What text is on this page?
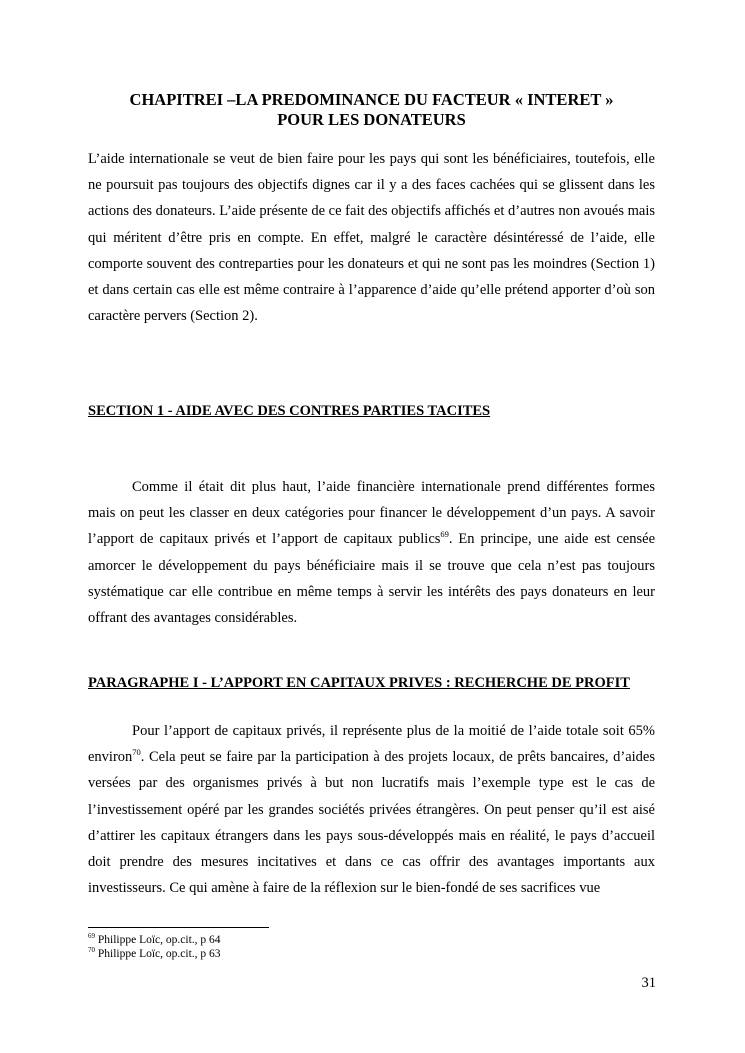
CHAPITREI –LA PREDOMINANCE DU FACTEUR « INTERET »
POUR LES DONATEURS

L’aide internationale se veut de bien faire pour les pays qui sont les bénéficiaires, toutefois, elle ne poursuit pas toujours des objectifs dignes car il y a des faces cachées qui se glissent dans les actions des donateurs. L’aide présente de ce fait des objectifs affichés et d’autres non avoués mais qui méritent d’être pris en compte. En effet, malgré le caractère désintéressé de l’aide, elle comporte souvent des contreparties pour les donateurs et qui ne sont pas les moindres (Section 1) et dans certain cas elle est même contraire à l’apparence d’aide qu’elle prétend apporter d’où son caractère pervers (Section 2).

SECTION 1 - AIDE AVEC DES CONTRES PARTIES TACITES

Comme il était dit plus haut, l’aide financière internationale prend différentes formes mais on peut les classer en deux catégories pour financer le développement d’un pays. A savoir l’apport de capitaux privés et l’apport de capitaux publics$^{69}$. En principe, une aide est censée amorcer le développement du pays bénéficiaire mais il se trouve que cela n’est pas toujours systématique car elle contribue en même temps à servir les intérêts des pays donateurs en leur offrant des avantages considérables.

PARAGRAPHE I - L’APPORT EN CAPITAUX PRIVES : RECHERCHE DE PROFIT

Pour l’apport de capitaux privés, il représente plus de la moitié de l’aide totale soit 65% environ$^{70}$. Cela peut se faire par la participation à des projets locaux, de prêts bancaires, d’aides versées par des organismes privés à but non lucratifs mais l’exemple type est le cas de l’investissement opéré par les grandes sociétés privées étrangères. On peut penser qu’il est aisé d’attirer les capitaux étrangers dans les pays sous-développés mais en réalité, le pays d’accueil doit prendre des mesures incitatives et dans ce cas offrir des avantages importants aux investisseurs. Ce qui amène à faire de la réflexion sur le bien-fondé de ses sacrifices vue

$^{69}$ Philippe Loïc, op.cit., p 64

$^{70}$ Philippe Loïc, op.cit., p 63

31
